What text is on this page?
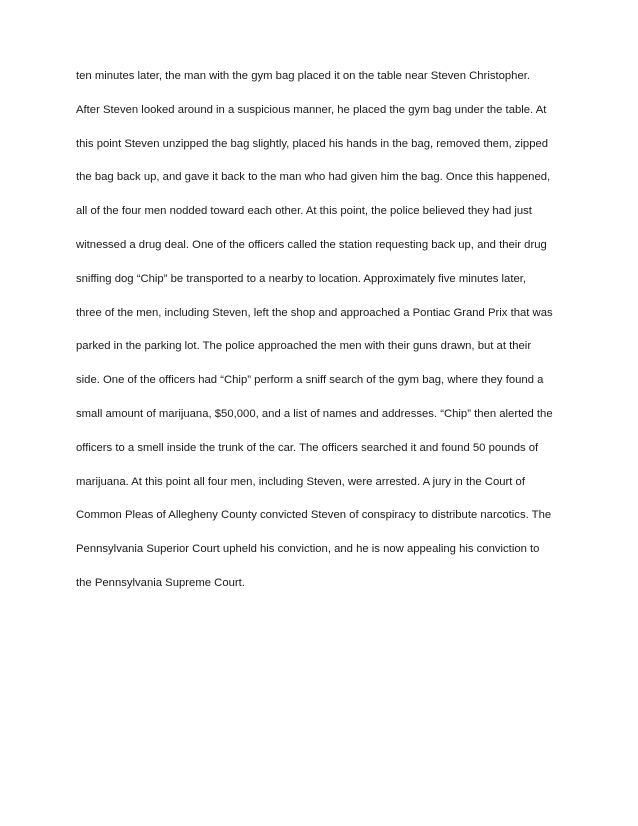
ten minutes later, the man with the gym bag placed it on the table near Steven Christopher.
After Steven looked around in a suspicious manner, he placed the gym bag under the table. At
this point Steven unzipped the bag slightly, placed his hands in the bag, removed them, zipped
the bag back up, and gave it back to the man who had given him the bag. Once this happened,
all of the four men nodded toward each other. At this point, the police believed they had just
witnessed a drug deal. One of the officers called the station requesting back up, and their drug
sniffing dog “Chip” be transported to a nearby to location. Approximately five minutes later,
three of the men, including Steven, left the shop and approached a Pontiac Grand Prix that was
parked in the parking lot. The police approached the men with their guns drawn, but at their
side. One of the officers had “Chip” perform a sniff search of the gym bag, where they found a
small amount of marijuana, $50,000, and a list of names and addresses. “Chip” then alerted the
officers to a smell inside the trunk of the car. The officers searched it and found 50 pounds of
marijuana. At this point all four men, including Steven, were arrested. A jury in the Court of
Common Pleas of Allegheny County convicted Steven of conspiracy to distribute narcotics. The
Pennsylvania Superior Court upheld his conviction, and he is now appealing his conviction to
the Pennsylvania Supreme Court.
